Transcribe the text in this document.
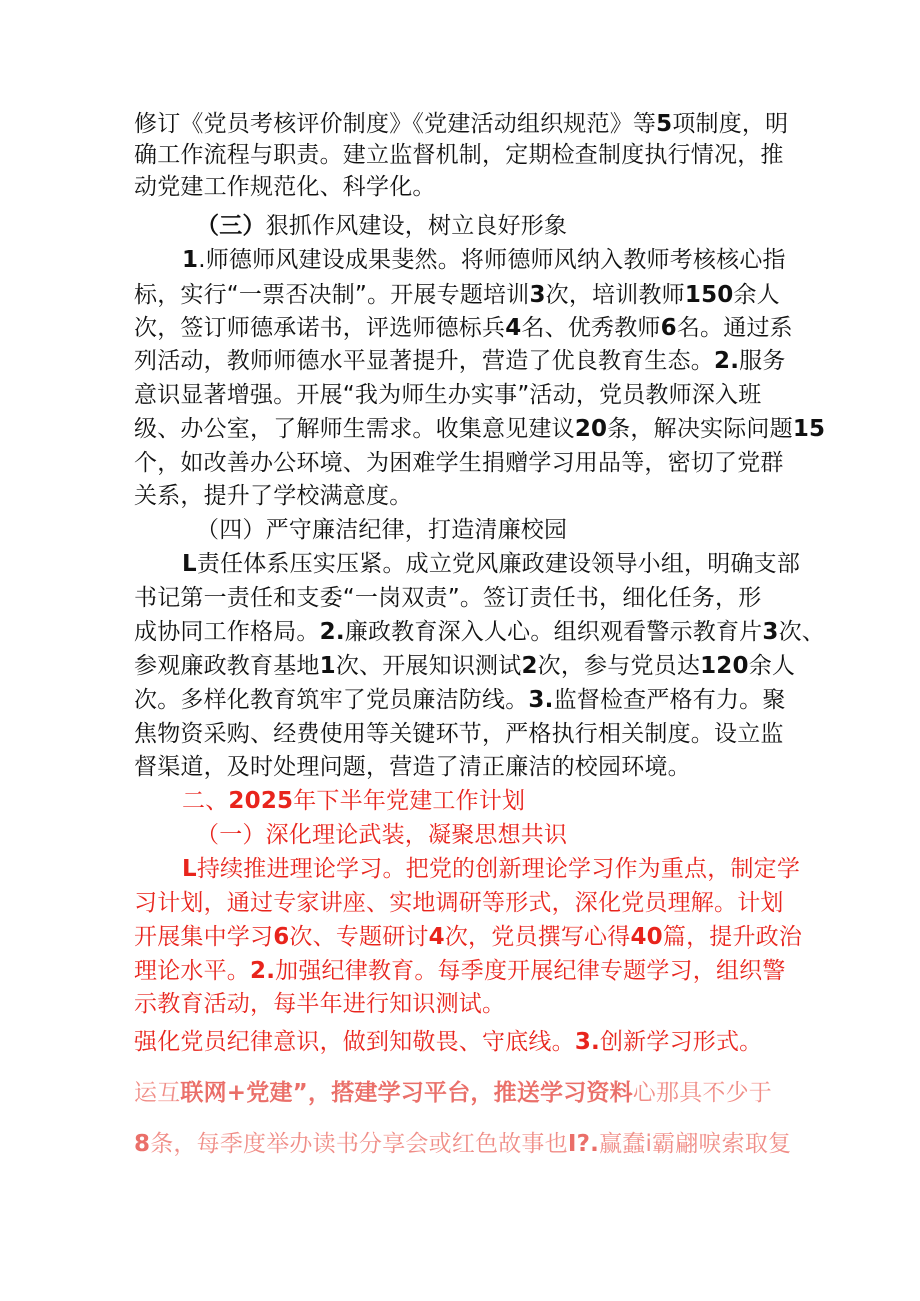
修订《党员考核评价制度》《党建活动组织规范》等5项制度，明
确工作流程与职责。建立监督机制，定期检查制度执行情况，推
动党建工作规范化、科学化。
（三）狠抓作风建设，树立良好形象
1.师德师风建设成果斐然。将师德师风纳入教师考核核心指
标，实行“一票否决制”。开展专题培训3次，培训教师150余人
次，签订师德承诺书，评选师德标兵4名、优秀教师6名。通过系
列活动，教师师德水平显著提升，营造了优良教育生态。2.服务
意识显著增强。开展“我为师生办实事”活动，党员教师深入班
级、办公室，了解师生需求。收集意见建议20条，解决实际问题15
个，如改善办公环境、为困难学生捐赠学习用品等，密切了党群
关系，提升了学校满意度。
（四）严守廉洁纪律，打造清廉校园
L责任体系压实压紧。成立党风廉政建设领导小组，明确支部
书记第一责任和支委“一岗双责”。签订责任书，细化任务，形
成协同工作格局。2.廉政教育深入人心。组织观看警示教育片3次、
参观廉政教育基地1次、开展知识测试2次，参与党员达120余人
次。多样化教育筑牢了党员廉洁防线。3.监督检查严格有力。聚
焦物资采购、经费使用等关键环节，严格执行相关制度。设立监
督渠道，及时处理问题，营造了清正廉洁的校园环境。
二、2025年下半年党建工作计划
（一）深化理论武装，凝聚思想共识
L持续推进理论学习。把党的创新理论学习作为重点，制定学
习计划，通过专家讲座、实地调研等形式，深化党员理解。计划
开展集中学习6次、专题研讨4次，党员撰写心得40篇，提升政治
理论水平。2.加强纪律教育。每季度开展纪律专题学习，组织警
示教育活动，每半年进行知识测试。
强化党员纪律意识，做到知敬畏、守底线。3.创新学习形式。
运互联网+党建”，搭建学习平台，推送学习资料心那具不少于
8条，每季度举办读书分享会或红色故事也I?.赢蠢i霸翩唳索取复
